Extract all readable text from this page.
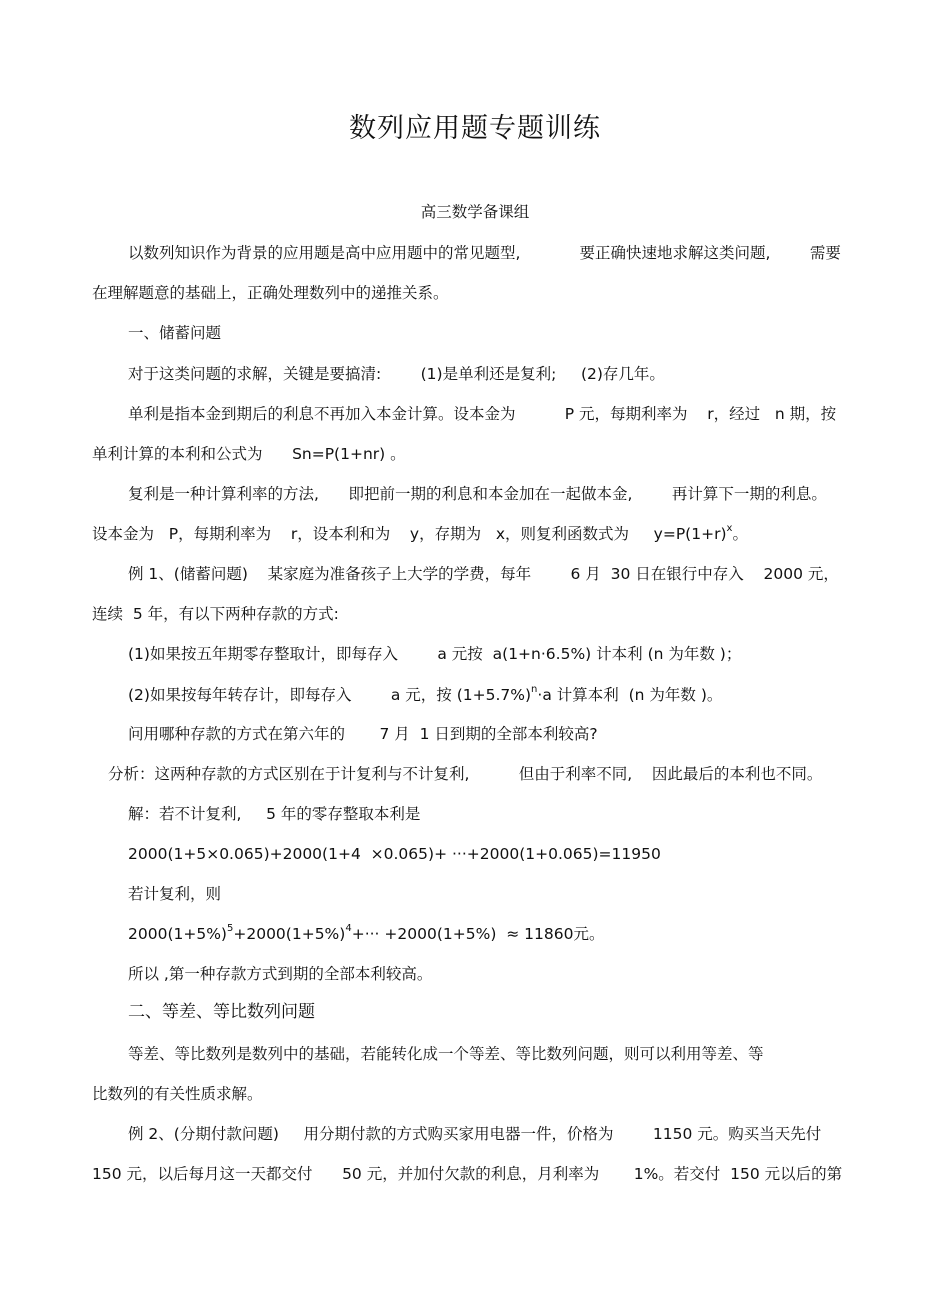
数列应用题专题训练
高三数学备课组
以数列知识作为背景的应用题是高中应用题中的常见题型,            要正确快速地求解这类问题,        需要
在理解题意的基础上，正确处理数列中的递推关系。
一、储蓄问题
对于这类问题的求解，关键是要搞清:        (1)是单利还是复利;     (2)存几年。
单利是指本金到期后的利息不再加入本金计算。设本金为          P 元，每期利率为    r，经过   n 期，按
单利计算的本利和公式为      Sn=P(1+nr) 。
复利是一种计算利率的方法,      即把前一期的利息和本金加在一起做本金,        再计算下一期的利息。
设本金为   P，每期利率为    r，设本利和为    y，存期为   x，则复利函数式为     $y=P(1+r)^x$。
例 1、(储蓄问题)    某家庭为准备孩子上大学的学费，每年        6 月  30 日在银行中存入    2000 元，
连续  5 年，有以下两种存款的方式:
(1)如果按五年期零存整取计，即每存入        a 元按  a(1+n·6.5%) 计本利 (n 为年数 )；
(2)如果按每年转存计，即每存入        a 元，按 $(1+5.7\%)^n\cdot a$ 计算本利  (n 为年数 )。
问用哪种存款的方式在第六年的       7 月  1 日到期的全部本利较高?
分析：这两种存款的方式区别在于计复利与不计复利,          但由于利率不同,    因此最后的本利也不同。
解：若不计复利,     5 年的零存整取本利是
2000(1+5×0.065)+2000(1+4  ×0.065)+ ···+2000(1+0.065)=11950
若计复利，则
$2000(1+5\%)^5+2000(1+5\%)^4+\cdot\cdot\cdot +2000(1+5\%) \approx 11860$元。
所以 ,第一种存款方式到期的全部本利较高。
二、等差、等比数列问题
等差、等比数列是数列中的基础，若能转化成一个等差、等比数列问题，则可以利用等差、等
比数列的有关性质求解。
例 2、(分期付款问题)     用分期付款的方式购买家用电器一件，价格为        1150 元。购买当天先付
150 元，以后每月这一天都交付      50 元，并加付欠款的利息，月利率为       1%。若交付  150 元以后的第
